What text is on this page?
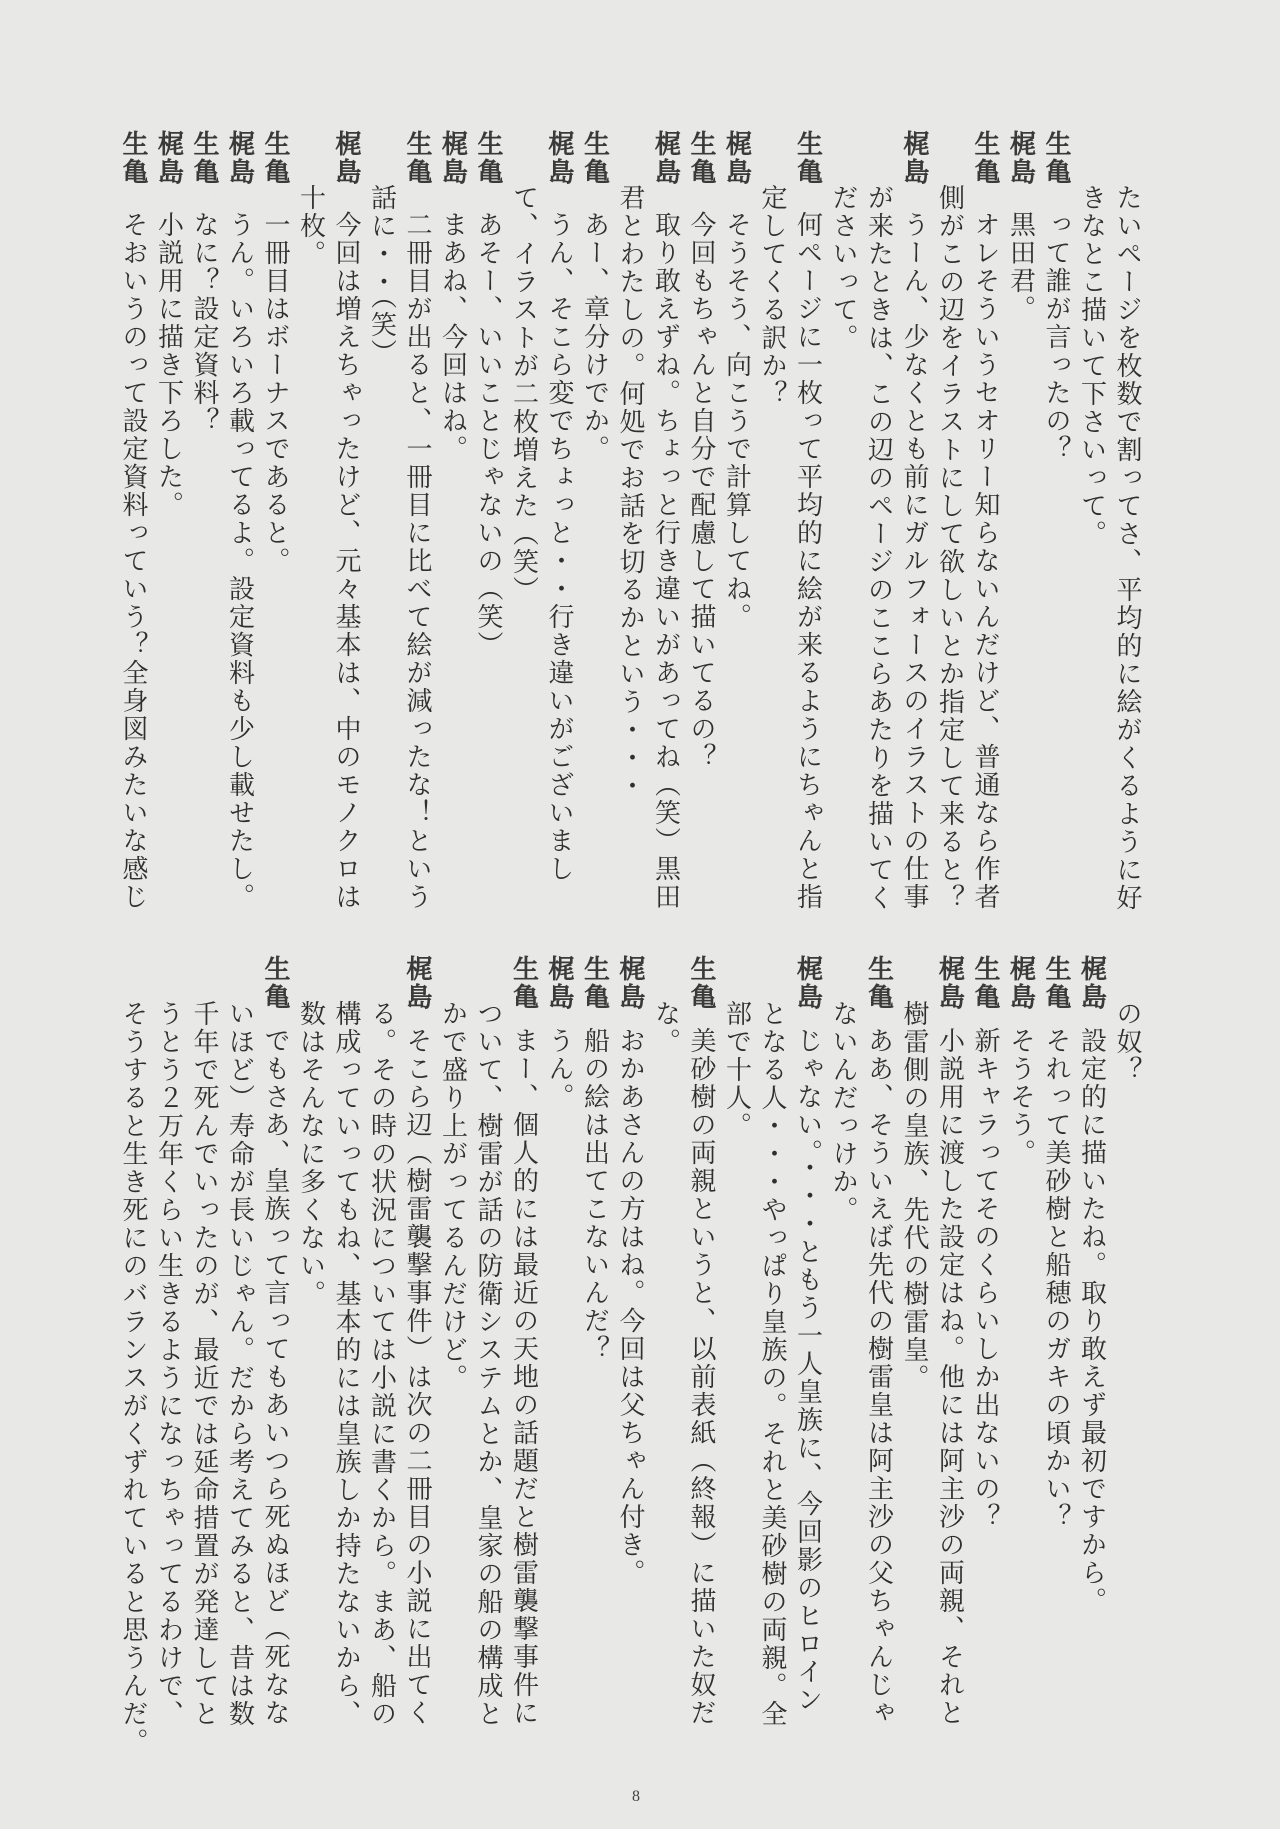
たいページを枚数で割ってさ、平均的に絵がくるように好
きなとこ描いて下さいって。
生亀
って誰が言ったの？
梶島
黒田君。
生亀
オレそういうセオリー知らないんだけど、普通なら作者
側がこの辺をイラストにして欲しいとか指定して来ると？
梶島
うーん、少なくとも前にガルフォースのイラストの仕事
が来たときは、この辺のページのここらあたりを描いてく
ださいって。
生亀
何ページに一枚って平均的に絵が来るようにちゃんと指
定してくる訳か？
梶島
そうそう、向こうで計算してね。
生亀
今回もちゃんと自分で配慮して描いてるの？
梶島
取り敢えずね。ちょっと行き違いがあってね（笑）黒田
君とわたしの。何処でお話を切るかという・・・
生亀
あー、章分けでか。
梶島
うん、そこら変でちょっと・・行き違いがございまし
て、イラストが二枚増えた（笑）
生亀
あそー、いいことじゃないの（笑）
梶島
まあね、今回はね。
生亀
二冊目が出ると、一冊目に比べて絵が減ったな！という
話に・・（笑）
梶島
今回は増えちゃったけど、元々基本は、中のモノクロは
十枚。
生亀
一冊目はボーナスであると。
梶島
うん。いろいろ載ってるよ。設定資料も少し載せたし。
生亀
なに？設定資料？
梶島
小説用に描き下ろした。
生亀
そおいうのって設定資料っていう？全身図みたいな感じ
の奴？
梶島
設定的に描いたね。取り敢えず最初ですから。
生亀
それって美砂樹と船穂のガキの頃かい？
梶島
そうそう。
生亀
新キャラってそのくらいしか出ないの？
梶島
小説用に渡した設定はね。他には阿主沙の両親、それと
樹雷側の皇族、先代の樹雷皇。
生亀
ああ、そういえば先代の樹雷皇は阿主沙の父ちゃんじゃ
ないんだっけか。
梶島
じゃない。・・・ともう一人皇族に、今回影のヒロイン
となる人・・・やっぱり皇族の。それと美砂樹の両親。全
部で十人。
生亀
美砂樹の両親というと、以前表紙（終報）に描いた奴だ
な。
梶島
おかあさんの方はね。今回は父ちゃん付き。
生亀
船の絵は出てこないんだ？
梶島
うん。
生亀
まー、個人的には最近の天地の話題だと樹雷襲撃事件に
ついて、樹雷が話の防衛システムとか、皇家の船の構成と
かで盛り上がってるんだけど。
梶島
そこら辺（樹雷襲撃事件）は次の二冊目の小説に出てく
る。その時の状況については小説に書くから。まあ、船の
構成っていってもね、基本的には皇族しか持たないから、
数はそんなに多くない。
生亀
でもさあ、皇族って言ってもあいつら死ぬほど（死なな
いほど）寿命が長いじゃん。だから考えてみると、昔は数
千年で死んでいったのが、最近では延命措置が発達してと
うとう２万年くらい生きるようになっちゃってるわけで、
そうすると生き死にのバランスがくずれていると思うんだ。
8
